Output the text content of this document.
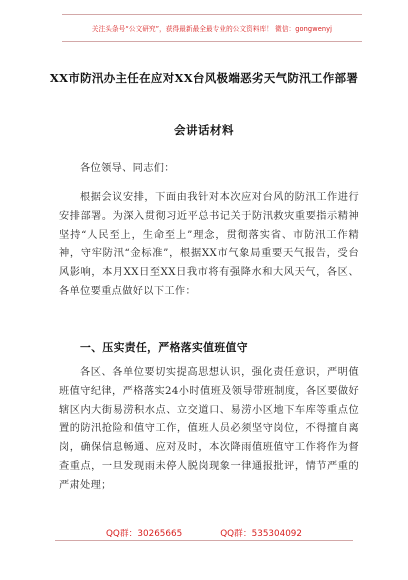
关注头条号“公文研究”，获得最新最全最专业的公文资料库！ 微信：gongwenyj
XX市防汛办主任在应对XX台风极端恶劣天气防汛工作部署
会讲话材料
各位领导、同志们：
根据会议安排，下面由我针对本次应对台风的防汛工作进行安排部署。为深入贯彻习近平总书记关于防汛救灾重要指示精神坚持“人民至上，生命至上”理念，贯彻落实省、市防汛工作精神，守牢防汛“金标准”，根据XX市气象局重要天气报告，受台风影响，本月XX日至XX日我市将有强降水和大风天气，各区、各单位要重点做好以下工作：
一、压实责任，严格落实值班值守
各区、各单位要切实提高思想认识，强化责任意识，严明值班值守纪律，严格落实24小时值班及领导带班制度，各区要做好辖区内大街易涝积水点、立交道口、易涝小区地下车库等重点位置的防汛抢险和值守工作，值班人员必须坚守岗位，不得擅自离岗，确保信息畅通、应对及时，本次降雨值班值守工作将作为督查重点，一旦发现雨未停人脱岗现象一律通报批评，情节严重的严肃处理；
QQ群：30265665	QQ群：535304092
